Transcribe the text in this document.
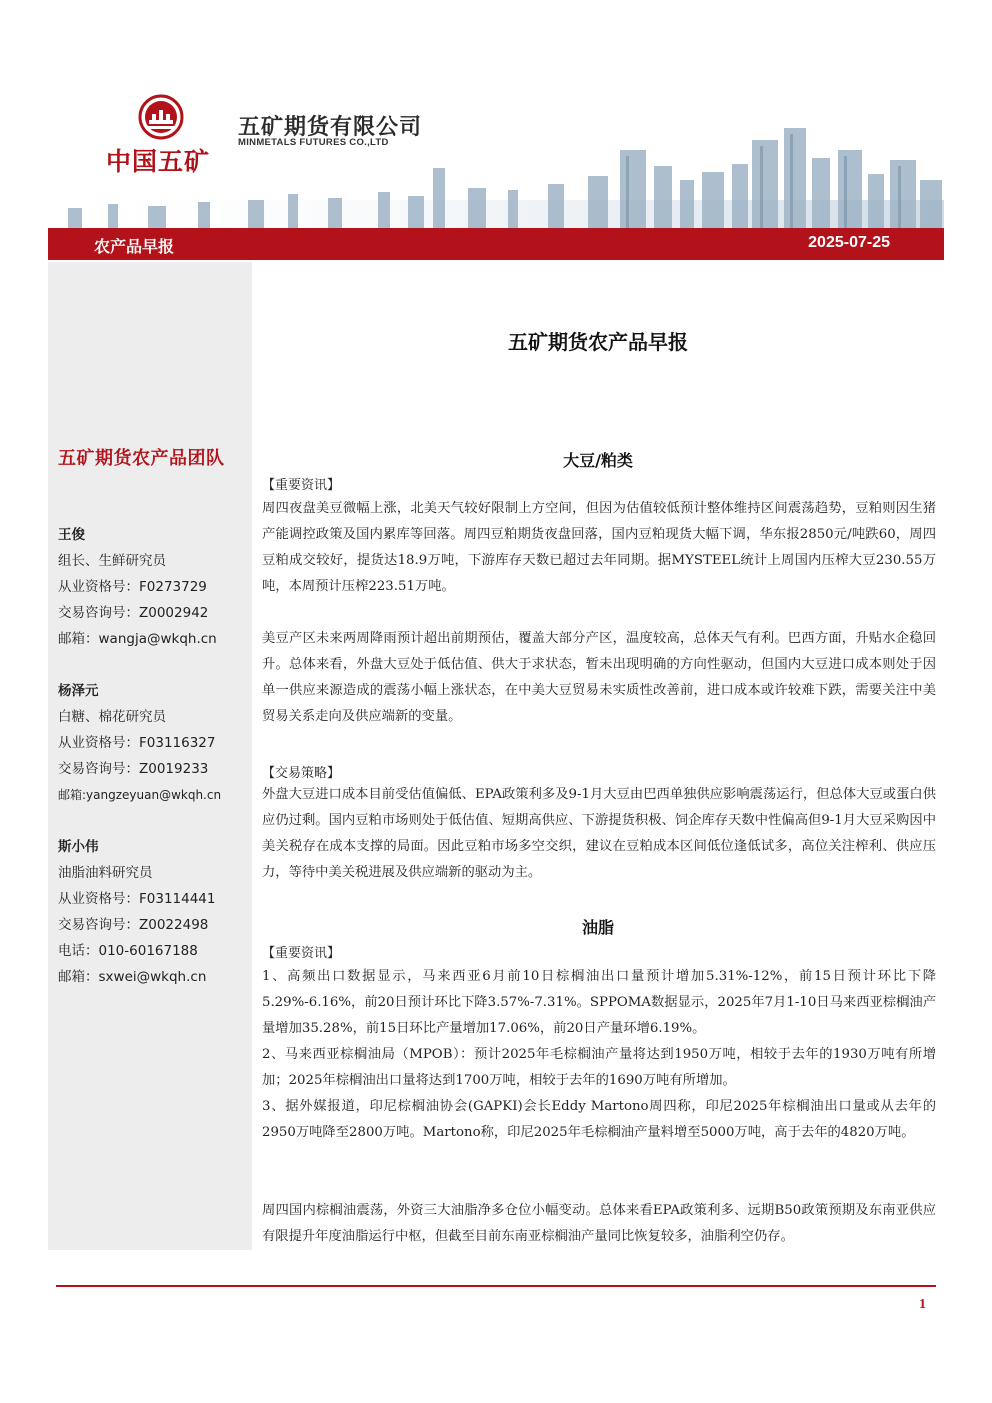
中国五矿
五矿期货有限公司
MINMETALS FUTURES CO.,LTD
农产品早报	2025-07-25
五矿期货农产品团队
王俊
组长、生鲜研究员
从业资格号：F0273729
交易咨询号：Z0002942
邮箱：wangja@wkqh.cn
杨泽元
白糖、棉花研究员
从业资格号：F03116327
交易咨询号：Z0019233
邮箱:yangzeyuan@wkqh.cn
斯小伟
油脂油料研究员
从业资格号：F03114441
交易咨询号：Z0022498
电话：010-60167188
邮箱：sxwei@wkqh.cn
五矿期货农产品早报
大豆/粕类
【重要资讯】
周四夜盘美豆微幅上涨，北美天气较好限制上方空间，但因为估值较低预计整体维持区间震荡趋势，豆粕则因生猪产能调控政策及国内累库等回落。周四豆粕期货夜盘回落，国内豆粕现货大幅下调，华东报2850元/吨跌60，周四豆粕成交较好，提货达18.9万吨，下游库存天数已超过去年同期。据MYSTEEL统计上周国内压榨大豆230.55万吨，本周预计压榨223.51万吨。
美豆产区未来两周降雨预计超出前期预估，覆盖大部分产区，温度较高，总体天气有利。巴西方面，升贴水企稳回升。总体来看，外盘大豆处于低估值、供大于求状态，暂未出现明确的方向性驱动，但国内大豆进口成本则处于因单一供应来源造成的震荡小幅上涨状态，在中美大豆贸易未实质性改善前，进口成本或许较难下跌，需要关注中美贸易关系走向及供应端新的变量。
【交易策略】
外盘大豆进口成本目前受估值偏低、EPA政策利多及9-1月大豆由巴西单独供应影响震荡运行，但总体大豆或蛋白供应仍过剩。国内豆粕市场则处于低估值、短期高供应、下游提货积极、饲企库存天数中性偏高但9-1月大豆采购因中美关税存在成本支撑的局面。因此豆粕市场多空交织，建议在豆粕成本区间低位逢低试多，高位关注榨利、供应压力，等待中美关税进展及供应端新的驱动为主。
油脂
【重要资讯】
1、高频出口数据显示，马来西亚6月前10日棕榈油出口量预计增加5.31%-12%，前15日预计环比下降5.29%-6.16%，前20日预计环比下降3.57%-7.31%。SPPOMA数据显示，2025年7月1-10日马来西亚棕榈油产量增加35.28%，前15日环比产量增加17.06%，前20日产量环增6.19%。
2、马来西亚棕榈油局（MPOB）：预计2025年毛棕榈油产量将达到1950万吨，相较于去年的1930万吨有所增加；2025年棕榈油出口量将达到1700万吨，相较于去年的1690万吨有所增加。
3、据外媒报道，印尼棕榈油协会(GAPKI)会长Eddy Martono周四称，印尼2025年棕榈油出口量或从去年的2950万吨降至2800万吨。Martono称，印尼2025年毛棕榈油产量料增至5000万吨，高于去年的4820万吨。
周四国内棕榈油震荡，外资三大油脂净多仓位小幅变动。总体来看EPA政策利多、远期B50政策预期及东南亚供应有限提升年度油脂运行中枢，但截至目前东南亚棕榈油产量同比恢复较多，油脂利空仍存。
1
